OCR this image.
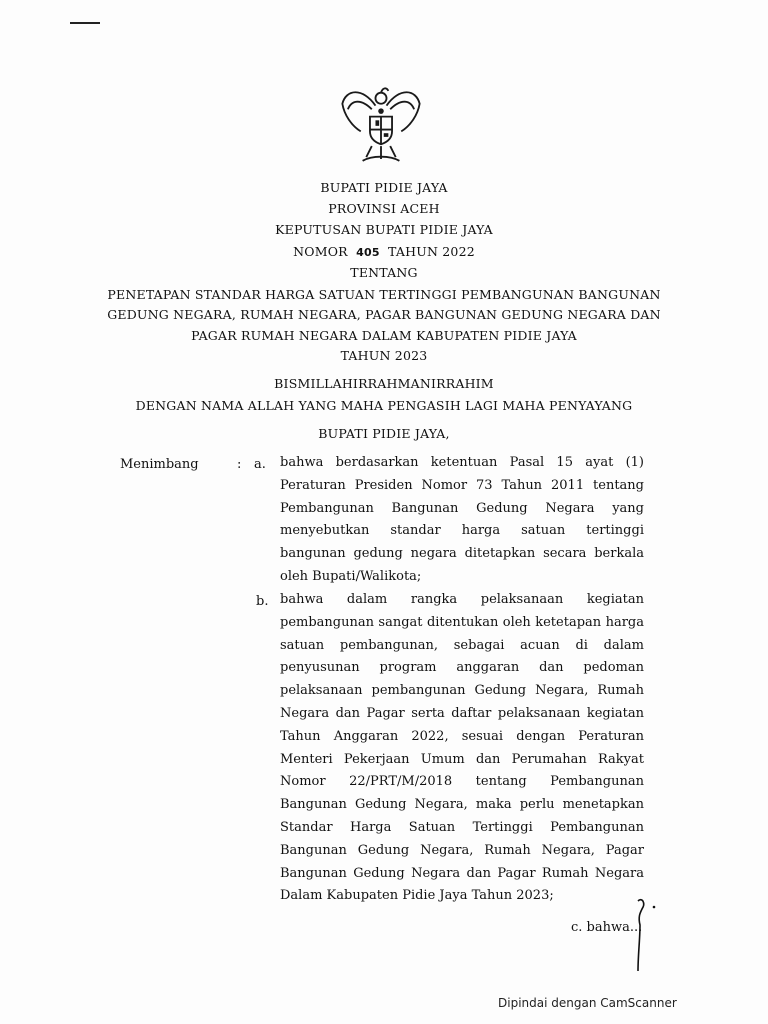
BUPATI PIDIE JAYA
PROVINSI ACEH
KEPUTUSAN BUPATI PIDIE JAYA
NOMOR 405 TAHUN 2022
TENTANG
PENETAPAN STANDAR HARGA SATUAN TERTINGGI PEMBANGUNAN BANGUNAN
GEDUNG NEGARA, RUMAH NEGARA, PAGAR BANGUNAN GEDUNG NEGARA DAN
PAGAR RUMAH NEGARA DALAM KABUPATEN PIDIE JAYA
TAHUN 2023
BISMILLAHIRRAHMANIRRAHIM
DENGAN NAMA ALLAH YANG MAHA PENGASIH LAGI MAHA PENYAYANG
BUPATI PIDIE JAYA,
Menimbang	: a. bahwa berdasarkan ketentuan Pasal 15 ayat (1) Peraturan Presiden Nomor 73 Tahun 2011 tentang Pembangunan Bangunan Gedung Negara yang menyebutkan standar harga satuan tertinggi bangunan gedung negara ditetapkan secara berkala oleh Bupati/Walikota;
b. bahwa dalam rangka pelaksanaan kegiatan pembangunan sangat ditentukan oleh ketetapan harga satuan pembangunan, sebagai acuan di dalam penyusunan program anggaran dan pedoman pelaksanaan pembangunan Gedung Negara, Rumah Negara dan Pagar serta daftar pelaksanaan kegiatan Tahun Anggaran 2022, sesuai dengan Peraturan Menteri Pekerjaan Umum dan Perumahan Rakyat Nomor 22/PRT/M/2018 tentang Pembangunan Bangunan Gedung Negara, maka perlu menetapkan Standar Harga Satuan Tertinggi Pembangunan Bangunan Gedung Negara, Rumah Negara, Pagar Bangunan Gedung Negara dan Pagar Rumah Negara Dalam Kabupaten Pidie Jaya Tahun 2023;
c. bahwa...
Dipindai dengan CamScanner
